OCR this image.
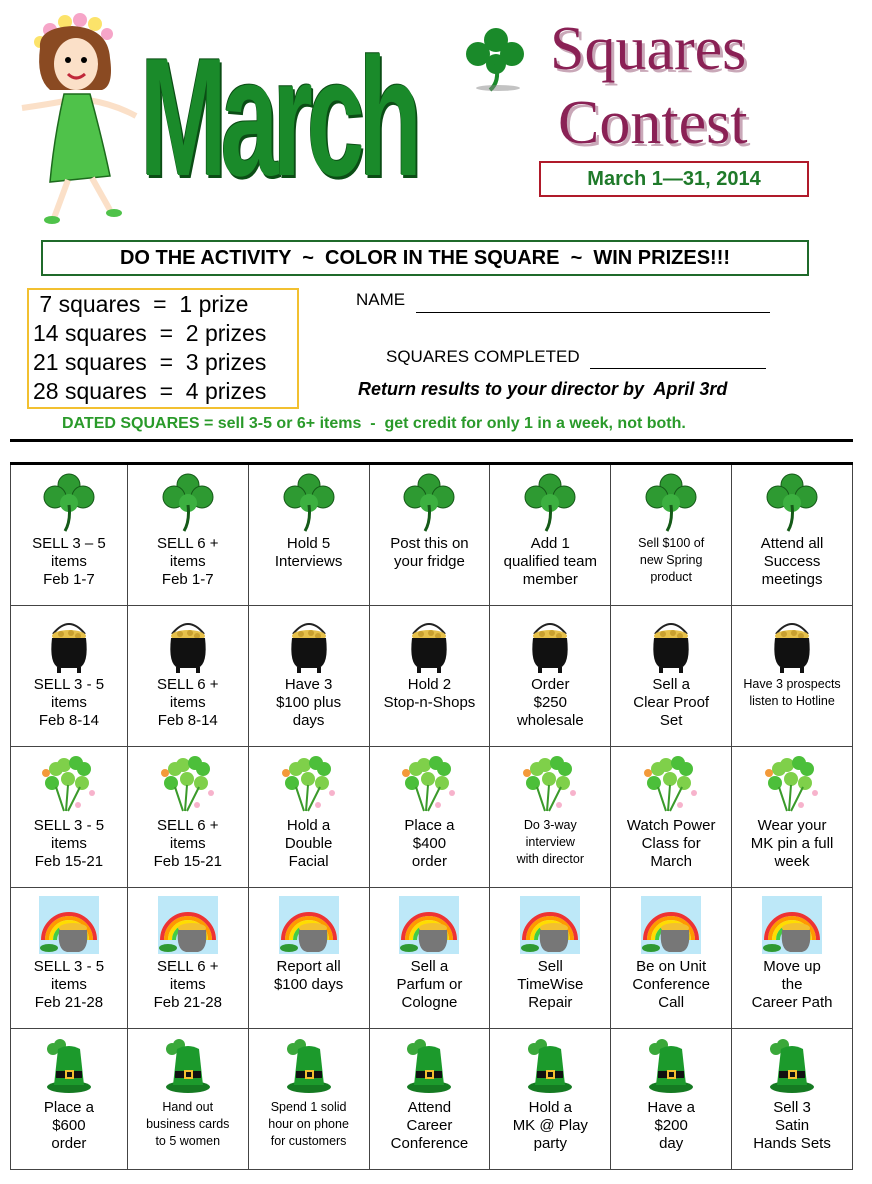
March Squares
Contest
March 1—31, 2014
DO THE ACTIVITY  ~  COLOR IN THE SQUARE  ~  WIN PRIZES!!!
7 squares  =  1 prize
14 squares  =  2 prizes
21 squares  =  3 prizes
28 squares  =  4 prizes
NAME
SQUARES COMPLETED
Return results to your director by  April 3rd
DATED SQUARES = sell 3-5 or 6+ items  -  get credit for only 1 in a week, not both.
SELL 3 – 5
items
Feb 1-7	SELL 6 +
items
Feb 1-7	Hold 5
Interviews	Post this on
your fridge	Add 1
qualified team
member	Sell $100 of
new Spring
product	Attend all
Success
meetings

SELL 3 - 5
items
Feb 8-14	SELL 6 +
items
Feb 8-14	Have 3
$100 plus
days	Hold 2
Stop-n-Shops	Order
$250
wholesale	Sell a
Clear Proof
Set	Have 3 prospects
listen to Hotline

SELL 3 - 5
items
Feb 15-21	SELL 6 +
items
Feb 15-21	Hold a
Double
Facial	Place a
$400
order	Do 3-way
interview
with director	Watch Power
Class for
March	Wear your
MK pin a full
week

SELL 3 - 5
items
Feb 21-28	SELL 6 +
items
Feb 21-28	Report all
$100 days	Sell a
Parfum or
Cologne	Sell
TimeWise
Repair	Be on Unit
Conference
Call	Move up
the
Career Path

Place a
$600
order	Hand out
business cards
to 5 women	Spend 1 solid
hour on phone
for customers	Attend
Career
Conference	Hold a
MK @ Play
party	Have a
$200
day	Sell 3
Satin
Hands Sets
